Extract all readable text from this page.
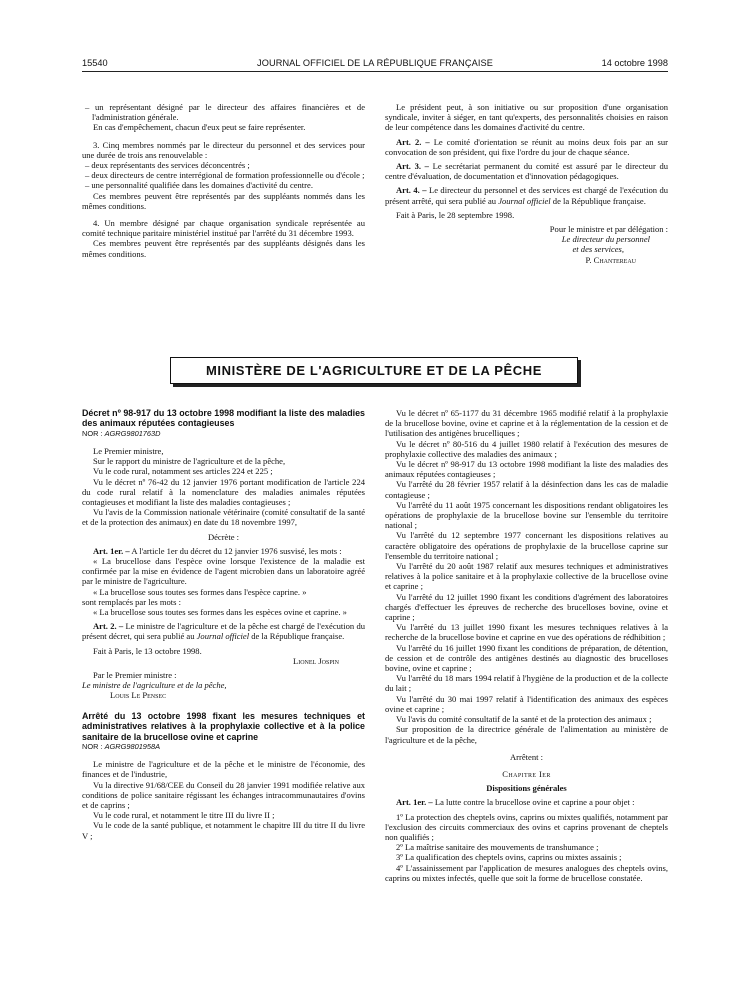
15540	JOURNAL OFFICIEL DE LA RÉPUBLIQUE FRANÇAISE	14 octobre 1998

– un représentant désigné par le directeur des affaires financières et de l'administration générale.

En cas d'empêchement, chacun d'eux peut se faire représenter.

3. Cinq membres nommés par le directeur du personnel et des services pour une durée de trois ans renouvelable :

– deux représentants des services déconcentrés ;

– deux directeurs de centre interrégional de formation professionnelle ou d'école ;

– une personnalité qualifiée dans les domaines d'activité du centre.

Ces membres peuvent être représentés par des suppléants nommés dans les mêmes conditions.

4. Un membre désigné par chaque organisation syndicale représentée au comité technique paritaire ministériel institué par l'arrêté du 31 décembre 1993.

Ces membres peuvent être représentés par des suppléants désignés dans les mêmes conditions.

Le président peut, à son initiative ou sur proposition d'une organisation syndicale, inviter à siéger, en tant qu'experts, des personnalités choisies en raison de leur compétence dans les domaines d'activité du centre.

Art. 2. – Le comité d'orientation se réunit au moins deux fois par an sur convocation de son président, qui fixe l'ordre du jour de chaque séance.

Art. 3. – Le secrétariat permanent du comité est assuré par le directeur du centre d'évaluation, de documentation et d'innovation pédagogiques.

Art. 4. – Le directeur du personnel et des services est chargé de l'exécution du présent arrêté, qui sera publié au Journal officiel de la République française.

Fait à Paris, le 28 septembre 1998.

Pour le ministre et par délégation :

Le directeur du personnel

et des services,

P. Chantereau

MINISTÈRE DE L'AGRICULTURE ET DE LA PÊCHE

Décret nº 98-917 du 13 octobre 1998 modifiant la liste des maladies des animaux réputées contagieuses

NOR : AGRG9801763D

Le Premier ministre,

Sur le rapport du ministre de l'agriculture et de la pêche,

Vu le code rural, notamment ses articles 224 et 225 ;

Vu le décret nº 76-42 du 12 janvier 1976 portant modification de l'article 224 du code rural relatif à la nomenclature des maladies animales réputées contagieuses et modifiant la liste des maladies contagieuses ;

Vu l'avis de la Commission nationale vétérinaire (comité consultatif de la santé et de la protection des animaux) en date du 18 novembre 1997,

Décrète :

Art. 1er. – A l'article 1er du décret du 12 janvier 1976 susvisé, les mots :

« La brucellose dans l'espèce ovine lorsque l'existence de la maladie est confirmée par la mise en évidence de l'agent microbien dans un laboratoire agréé par le ministre de l'agriculture.

« La brucellose sous toutes ses formes dans l'espèce caprine. »

sont remplacés par les mots :

« La brucellose sous toutes ses formes dans les espèces ovine et caprine. »

Art. 2. – Le ministre de l'agriculture et de la pêche est chargé de l'exécution du présent décret, qui sera publié au Journal officiel de la République française.

Fait à Paris, le 13 octobre 1998.

Lionel Jospin

Par le Premier ministre :

Le ministre de l'agriculture et de la pêche,

Louis Le Pensec

Arrêté du 13 octobre 1998 fixant les mesures techniques et administratives relatives à la prophylaxie collective et à la police sanitaire de la brucellose ovine et caprine

NOR : AGRG9801958A

Le ministre de l'agriculture et de la pêche et le ministre de l'économie, des finances et de l'industrie,

Vu la directive 91/68/CEE du Conseil du 28 janvier 1991 modifiée relative aux conditions de police sanitaire régissant les échanges intracommunautaires d'ovins et de caprins ;

Vu le code rural, et notamment le titre III du livre II ;

Vu le code de la santé publique, et notamment le chapitre III du titre II du livre V ;

Vu le décret nº 65-1177 du 31 décembre 1965 modifié relatif à la prophylaxie de la brucellose bovine, ovine et caprine et à la réglementation de la cession et de l'utilisation des antigènes brucelliques ;

Vu le décret nº 80-516 du 4 juillet 1980 relatif à l'exécution des mesures de prophylaxie collective des maladies des animaux ;

Vu le décret nº 98-917 du 13 octobre 1998 modifiant la liste des maladies des animaux réputées contagieuses ;

Vu l'arrêté du 28 février 1957 relatif à la désinfection dans les cas de maladie contagieuse ;

Vu l'arrêté du 11 août 1975 concernant les dispositions rendant obligatoires les opérations de prophylaxie de la brucellose bovine sur l'ensemble du territoire national ;

Vu l'arrêté du 12 septembre 1977 concernant les dispositions relatives au caractère obligatoire des opérations de prophylaxie de la brucellose caprine sur l'ensemble du territoire national ;

Vu l'arrêté du 20 août 1987 relatif aux mesures techniques et administratives relatives à la police sanitaire et à la prophylaxie collective de la brucellose ovine et caprine ;

Vu l'arrêté du 12 juillet 1990 fixant les conditions d'agrément des laboratoires chargés d'effectuer les épreuves de recherche des brucelloses bovine, ovine et caprine ;

Vu l'arrêté du 13 juillet 1990 fixant les mesures techniques relatives à la recherche de la brucellose bovine et caprine en vue des opérations de rédhibition ;

Vu l'arrêté du 16 juillet 1990 fixant les conditions de préparation, de détention, de cession et de contrôle des antigènes destinés au diagnostic des brucelloses bovine, ovine et caprine ;

Vu l'arrêté du 18 mars 1994 relatif à l'hygiène de la production et de la collecte du lait ;

Vu l'arrêté du 30 mai 1997 relatif à l'identification des animaux des espèces ovine et caprine ;

Vu l'avis du comité consultatif de la santé et de la protection des animaux ;

Sur proposition de la directrice générale de l'alimentation au ministère de l'agriculture et de la pêche,

Arrêtent :

Chapitre Ier

Dispositions générales

Art. 1er. – La lutte contre la brucellose ovine et caprine a pour objet :

1º La protection des cheptels ovins, caprins ou mixtes qualifiés, notamment par l'exclusion des circuits commerciaux des ovins et caprins provenant de cheptels non qualifiés ;

2º La maîtrise sanitaire des mouvements de transhumance ;

3º La qualification des cheptels ovins, caprins ou mixtes assainis ;

4º L'assainissement par l'application de mesures analogues des cheptels ovins, caprins ou mixtes infectés, quelle que soit la forme de brucellose constatée.
